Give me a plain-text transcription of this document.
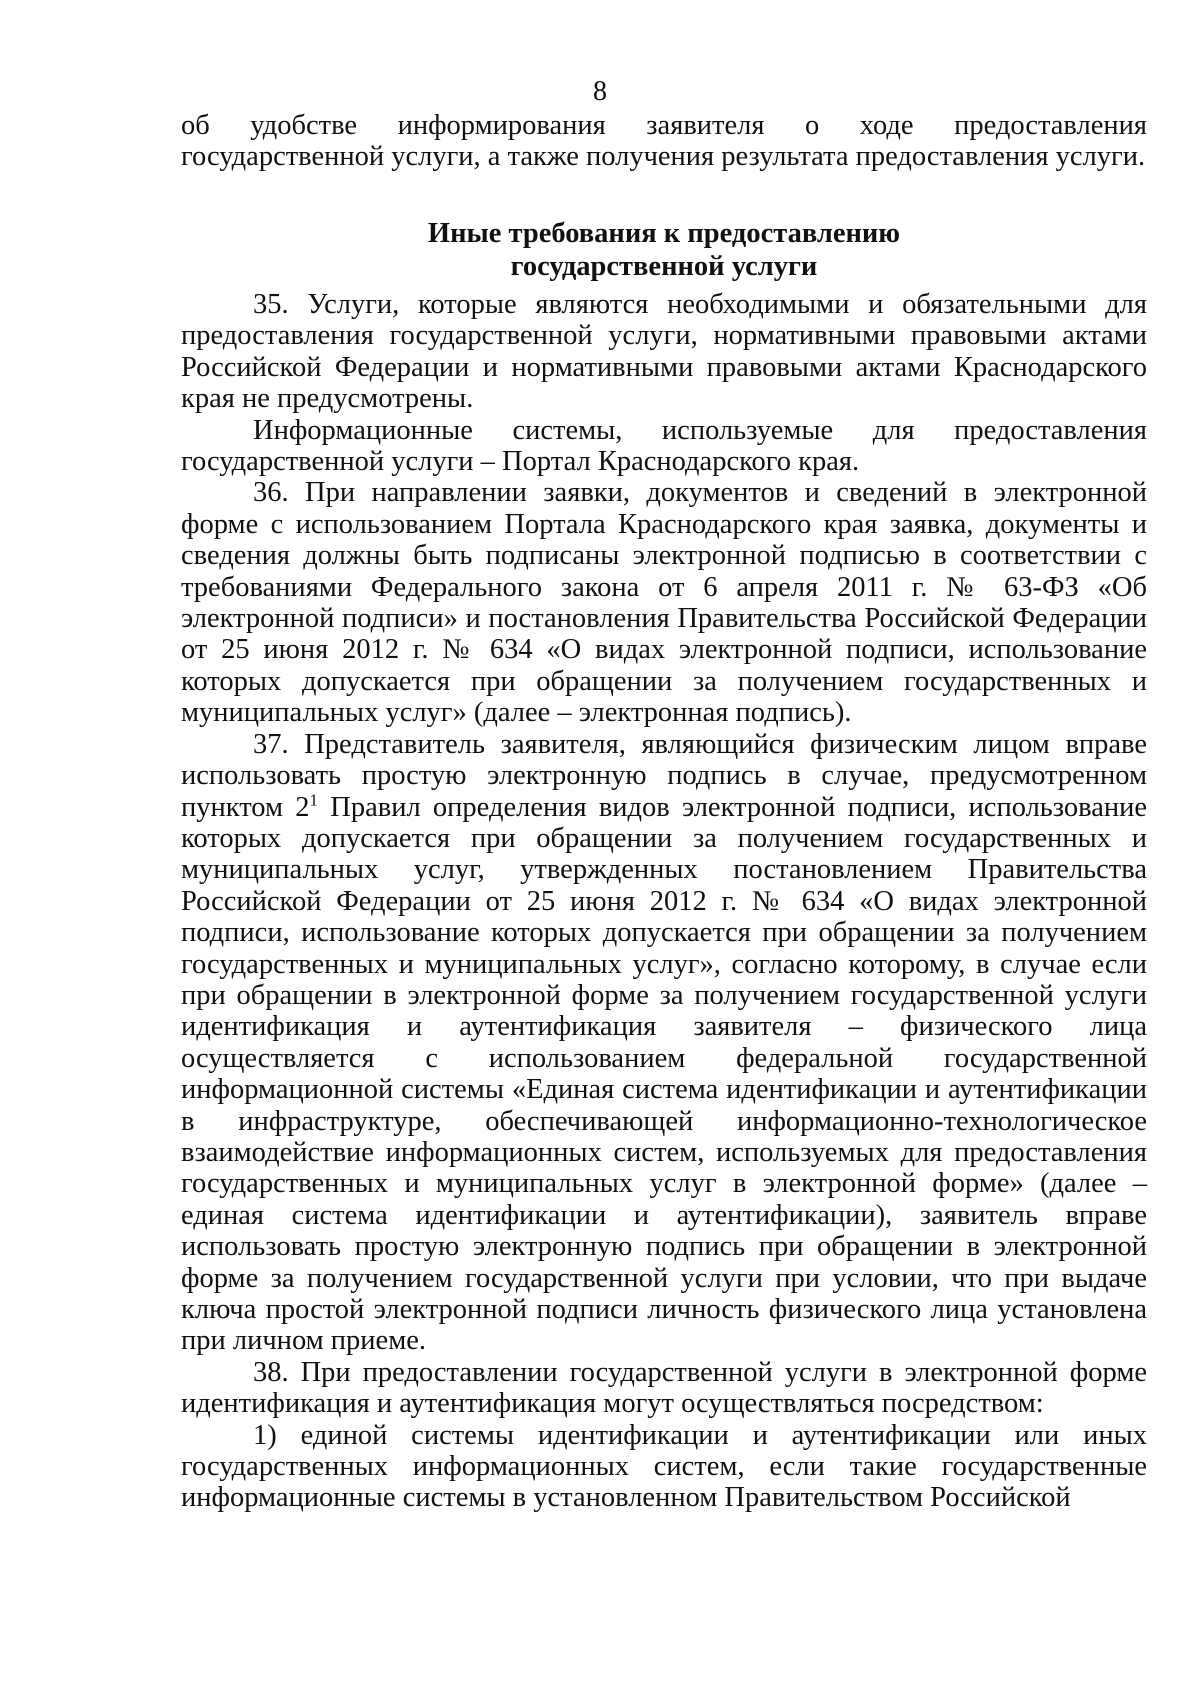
8

об удобстве информирования заявителя о ходе предоставления государственной услуги, а также получения результата предоставления услуги.

Иные требования к предоставлению
государственной услуги

35. Услуги, которые являются необходимыми и обязательными для предоставления государственной услуги, нормативными правовыми актами Российской Федерации и нормативными правовыми актами Краснодарского края не предусмотрены.

Информационные системы, используемые для предоставления государственной услуги – Портал Краснодарского края.

36. При направлении заявки, документов и сведений в электронной форме с использованием Портала Краснодарского края заявка, документы и сведения должны быть подписаны электронной подписью в соответствии с требованиями Федерального закона от 6 апреля 2011 г. № 63-ФЗ «Об электронной подписи» и постановления Правительства Российской Федерации от 25 июня 2012 г. № 634 «О видах электронной подписи, использование которых допускается при обращении за получением государственных и муниципальных услуг» (далее – электронная подпись).

37. Представитель заявителя, являющийся физическим лицом вправе использовать простую электронную подпись в случае, предусмотренном пунктом $2^1$ Правил определения видов электронной подписи, использование которых допускается при обращении за получением государственных и муниципальных услуг, утвержденных постановлением Правительства Российской Федерации от 25 июня 2012 г. № 634 «О видах электронной подписи, использование которых допускается при обращении за получением государственных и муниципальных услуг», согласно которому, в случае если при обращении в электронной форме за получением государственной услуги идентификация и аутентификация заявителя – физического лица осуществляется с использованием федеральной государственной информационной системы «Единая система идентификации и аутентификации в инфраструктуре, обеспечивающей информационно-технологическое взаимодействие информационных систем, используемых для предоставления государственных и муниципальных услуг в электронной форме» (далее – единая система идентификации и аутентификации), заявитель вправе использовать простую электронную подпись при обращении в электронной форме за получением государственной услуги при условии, что при выдаче ключа простой электронной подписи личность физического лица установлена при личном приеме.

38. При предоставлении государственной услуги в электронной форме идентификация и аутентификация могут осуществляться посредством:

1) единой системы идентификации и аутентификации или иных государственных информационных систем, если такие государственные информационные системы в установленном Правительством Российской
